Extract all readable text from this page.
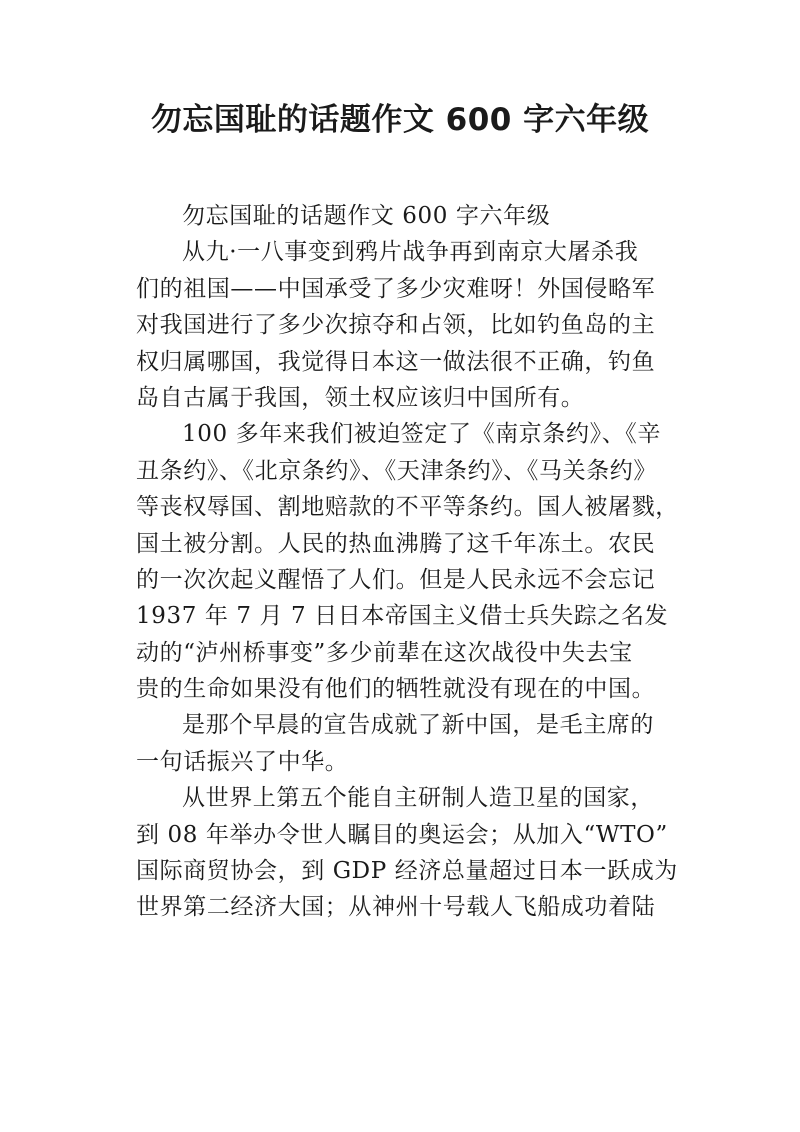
勿忘国耻的话题作文 600 字六年级
勿忘国耻的话题作文 600 字六年级
从九·一八事变到鸦片战争再到南京大屠杀我
们的祖国——中国承受了多少灾难呀！外国侵略军
对我国进行了多少次掠夺和占领，比如钓鱼岛的主
权归属哪国，我觉得日本这一做法很不正确，钓鱼
岛自古属于我国，领土权应该归中国所有。
100 多年来我们被迫签定了《南京条约》、《辛
丑条约》、《北京条约》、《天津条约》、《马关条约》
等丧权辱国、割地赔款的不平等条约。国人被屠戮，
国土被分割。人民的热血沸腾了这千年冻土。农民
的一次次起义醒悟了人们。但是人民永远不会忘记
1937 年 7 月 7 日日本帝国主义借士兵失踪之名发
动的“泸州桥事变”多少前辈在这次战役中失去宝
贵的生命如果没有他们的牺牲就没有现在的中国。
是那个早晨的宣告成就了新中国，是毛主席的
一句话振兴了中华。
从世界上第五个能自主研制人造卫星的国家，
到 08 年举办令世人瞩目的奥运会；从加入“WTO”
国际商贸协会，到 GDP 经济总量超过日本一跃成为
世界第二经济大国；从神州十号载人飞船成功着陆
